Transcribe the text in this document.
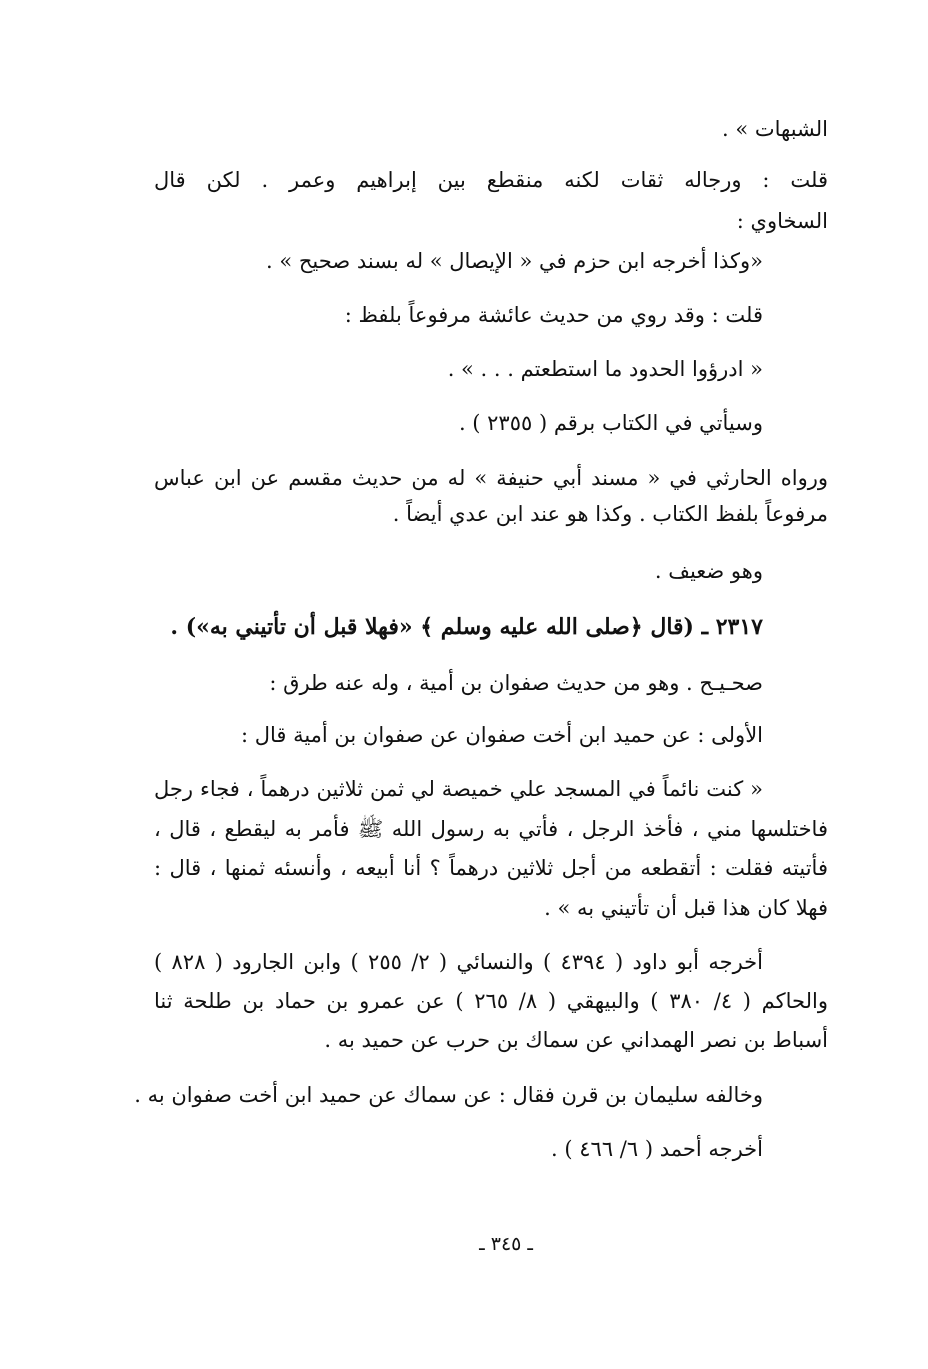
الشبهات » .

قلت : ورجاله ثقات لكنه منقطع بين إبراهيم وعمر . لكن قال

السخاوي :

«وكذا أخرجه ابن حزم في « الإيصال » له بسند صحيح » .

قلت : وقد روي من حديث عائشة مرفوعاً بلفظ :

« ادرؤوا الحدود ما استطعتم . . . » .

وسيأتي في الكتاب برقم ( ٢٣٥٥ ) .

ورواه الحارثي في « مسند أبي حنيفة » له من حديث مقسم عن ابن عباس

مرفوعاً بلفظ الكتاب . وكذا هو عند ابن عدي أيضاً .

وهو ضعيف .

٢٣١٧ ـ (قال ﴿صلى الله عليه وسلم ﴾ «فهلا قبل أن تأتيني به») .

صحـيـح . وهو من حديث صفوان بن أمية ، وله عنه طرق :

الأولى : عن حميد ابن أخت صفوان عن صفوان بن أمية قال :

« كنت نائماً في المسجد علي خميصة لي ثمن ثلاثين درهماً ، فجاء رجل

فاختلسها مني ، فأخذ الرجل ، فأتي به رسول الله ﷺ فأمر به ليقطع ، قال ،

فأتيته فقلت : أتقطعه من أجل ثلاثين درهماً ؟ أنا أبيعه ، وأنسئه ثمنها ، قال :

فهلا كان هذا قبل أن تأتيني به » .

أخرجه أبو داود ( ٤٣٩٤ ) والنسائي ( ٢/ ٢٥٥ ) وابن الجارود ( ٨٢٨ )

والحاكم ( ٤/ ٣٨٠ ) والبيهقي ( ٨/ ٢٦٥ ) عن عمرو بن حماد بن طلحة ثنا

أسباط بن نصر الهمداني عن سماك بن حرب عن حميد به .

وخالفه سليمان بن قرن فقال : عن سماك عن حميد ابن أخت صفوان به .

أخرجه أحمد ( ٦/ ٤٦٦ ) .

ـ ٣٤٥ ـ
